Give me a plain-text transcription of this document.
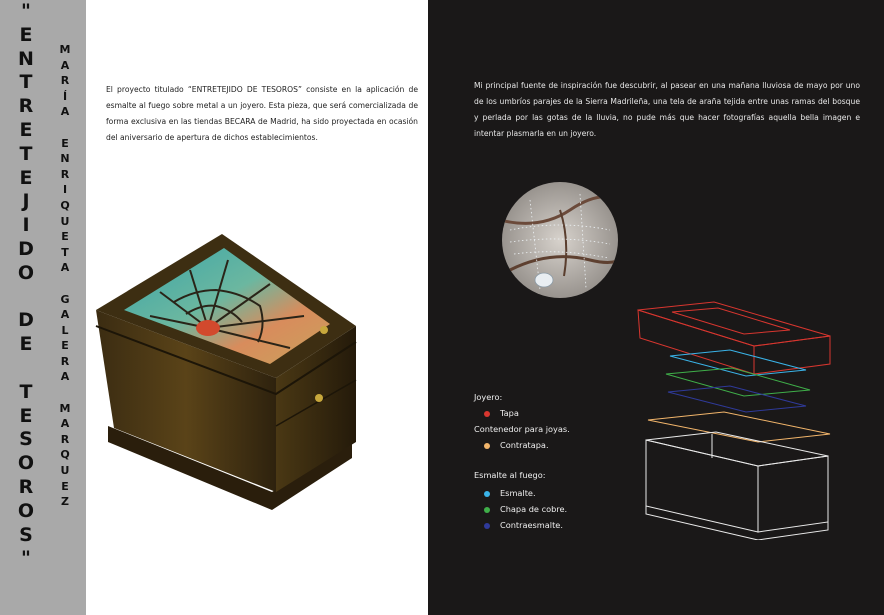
"
E
N
T
R
E
T
E
J
I
D
O

D
E

T
E
S
O
R
O
S
"
M
A
R
Í
A

E
N
R
I
Q
U
E
T
A

G
A
L
E
R
A

M
A
R
Q
U
E
Z
El proyecto titulado “ENTRETEJIDO DE TESOROS” consiste en la aplicación de esmalte al fuego sobre metal a un joyero. Esta pieza, que será comercializada de forma exclusiva en las tiendas BECARA de Madrid, ha sido proyectada en ocasión del aniversario de apertura de dichos establecimientos.
Mi principal fuente de inspiración fue descubrir, al pasear en una mañana lluviosa de mayo por uno de los umbríos parajes de la Sierra Madrileña, una tela de araña tejida entre unas ramas del bosque y perlada por las gotas de la lluvia, no pude más que hacer fotografías aquella bella imagen e intentar plasmarla en un joyero.
Joyero:
Tapa
Contenedor para joyas.
Contratapa.
Esmalte al fuego:
Esmalte.
Chapa de cobre.
Contraesmalte.
